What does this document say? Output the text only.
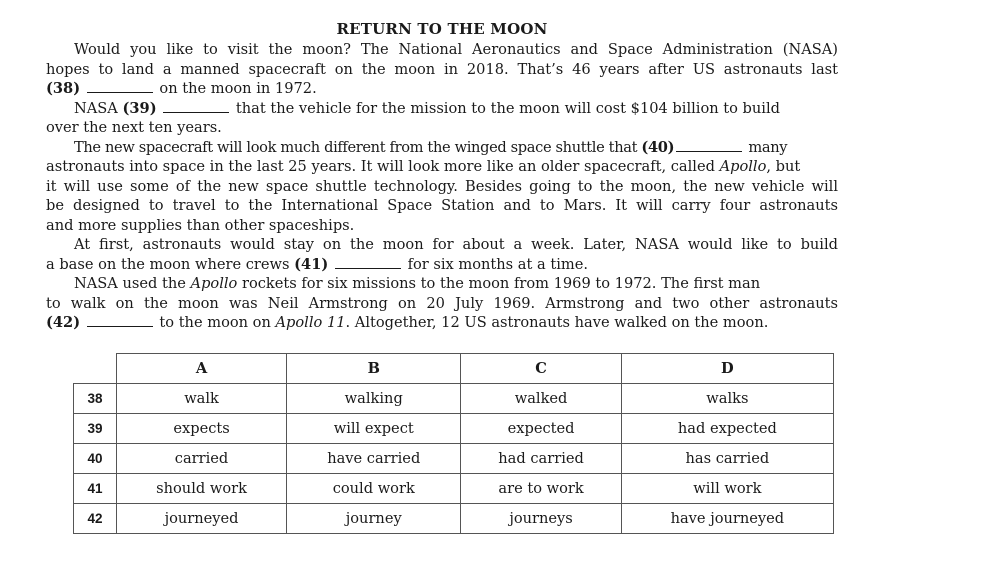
RETURN TO THE MOON
Would you like to visit the moon? The National Aeronautics and Space Administration (NASA)
hopes to land a manned spacecraft on the moon in 2018. That’s 46 years after US astronauts last
(38)	on the moon in 1972.
NASA (39)	that the vehicle for the mission to the moon will cost $104 billion to build
over the next ten years.
The new spacecraft will look much different from the winged space shuttle that (40)	many
astronauts into space in the last 25 years. It will look more like an older spacecraft, called Apollo, but
it will use some of the new space shuttle technology. Besides going to the moon, the new vehicle will
be designed to travel to the International Space Station and to Mars. It will carry four astronauts
and more supplies than other spaceships.
At first, astronauts would stay on the moon for about a week. Later, NASA would like to build
a base on the moon where crews (41)	for six months at a time.
NASA used the Apollo rockets for six missions to the moon from 1969 to 1972. The first man
to walk on the moon was Neil Armstrong on 20 July 1969. Armstrong and two other astronauts
(42)	to the moon on Apollo 11. Altogether, 12 US astronauts have walked on the moon.
	A	B	C	D
38	walk	walking	walked	walks
39	expects	will expect	expected	had expected
40	carried	have carried	had carried	has carried
41	should work	could work	are to work	will work
42	journeyed	journey	journeys	have journeyed
